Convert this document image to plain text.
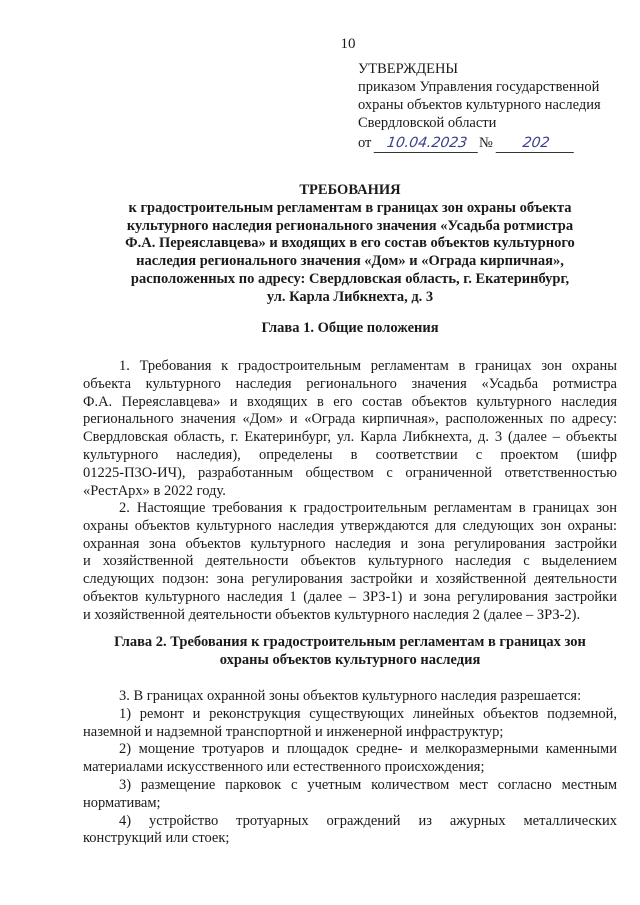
10
УТВЕРЖДЕНЫ
приказом Управления государственной
охраны объектов культурного наследия
Свердловской области
от 10.04.2023 № 202
ТРЕБОВАНИЯ
к градостроительным регламентам в границах зон охраны объекта
культурного наследия регионального значения «Усадьба ротмистра
Ф.А. Переяславцева» и входящих в его состав объектов культурного
наследия регионального значения «Дом» и «Ограда кирпичная»,
расположенных по адресу: Свердловская область, г. Екатеринбург,
ул. Карла Либкнехта, д. 3
Глава 1. Общие положения
1. Требования к градостроительным регламентам в границах зон охраны
объекта культурного наследия регионального значения «Усадьба ротмистра
Ф.А. Переяславцева» и входящих в его состав объектов культурного наследия
регионального значения «Дом» и «Ограда кирпичная», расположенных по адресу:
Свердловская область, г. Екатеринбург, ул. Карла Либкнехта, д. 3 (далее – объекты
культурного наследия), определены в соответствии с проектом (шифр
01225-П3О-ИЧ), разработанным обществом с ограниченной ответственностью
«РестАрх» в 2022 году.
2. Настоящие требования к градостроительным регламентам в границах зон
охраны объектов культурного наследия утверждаются для следующих зон охраны:
охранная зона объектов культурного наследия и зона регулирования застройки
и хозяйственной деятельности объектов культурного наследия с выделением
следующих подзон: зона регулирования застройки и хозяйственной деятельности
объектов культурного наследия 1 (далее – ЗРЗ-1) и зона регулирования застройки
и хозяйственной деятельности объектов культурного наследия 2 (далее – ЗРЗ-2).
Глава 2. Требования к градостроительным регламентам в границах зон
охраны объектов культурного наследия
3. В границах охранной зоны объектов культурного наследия разрешается:
1) ремонт и реконструкция существующих линейных объектов подземной,
наземной и надземной транспортной и инженерной инфраструктур;
2) мощение тротуаров и площадок средне- и мелкоразмерными каменными
материалами искусственного или естественного происхождения;
3) размещение парковок с учетным количеством мест согласно местным
нормативам;
4) устройство тротуарных ограждений из ажурных металлических
конструкций или стоек;
